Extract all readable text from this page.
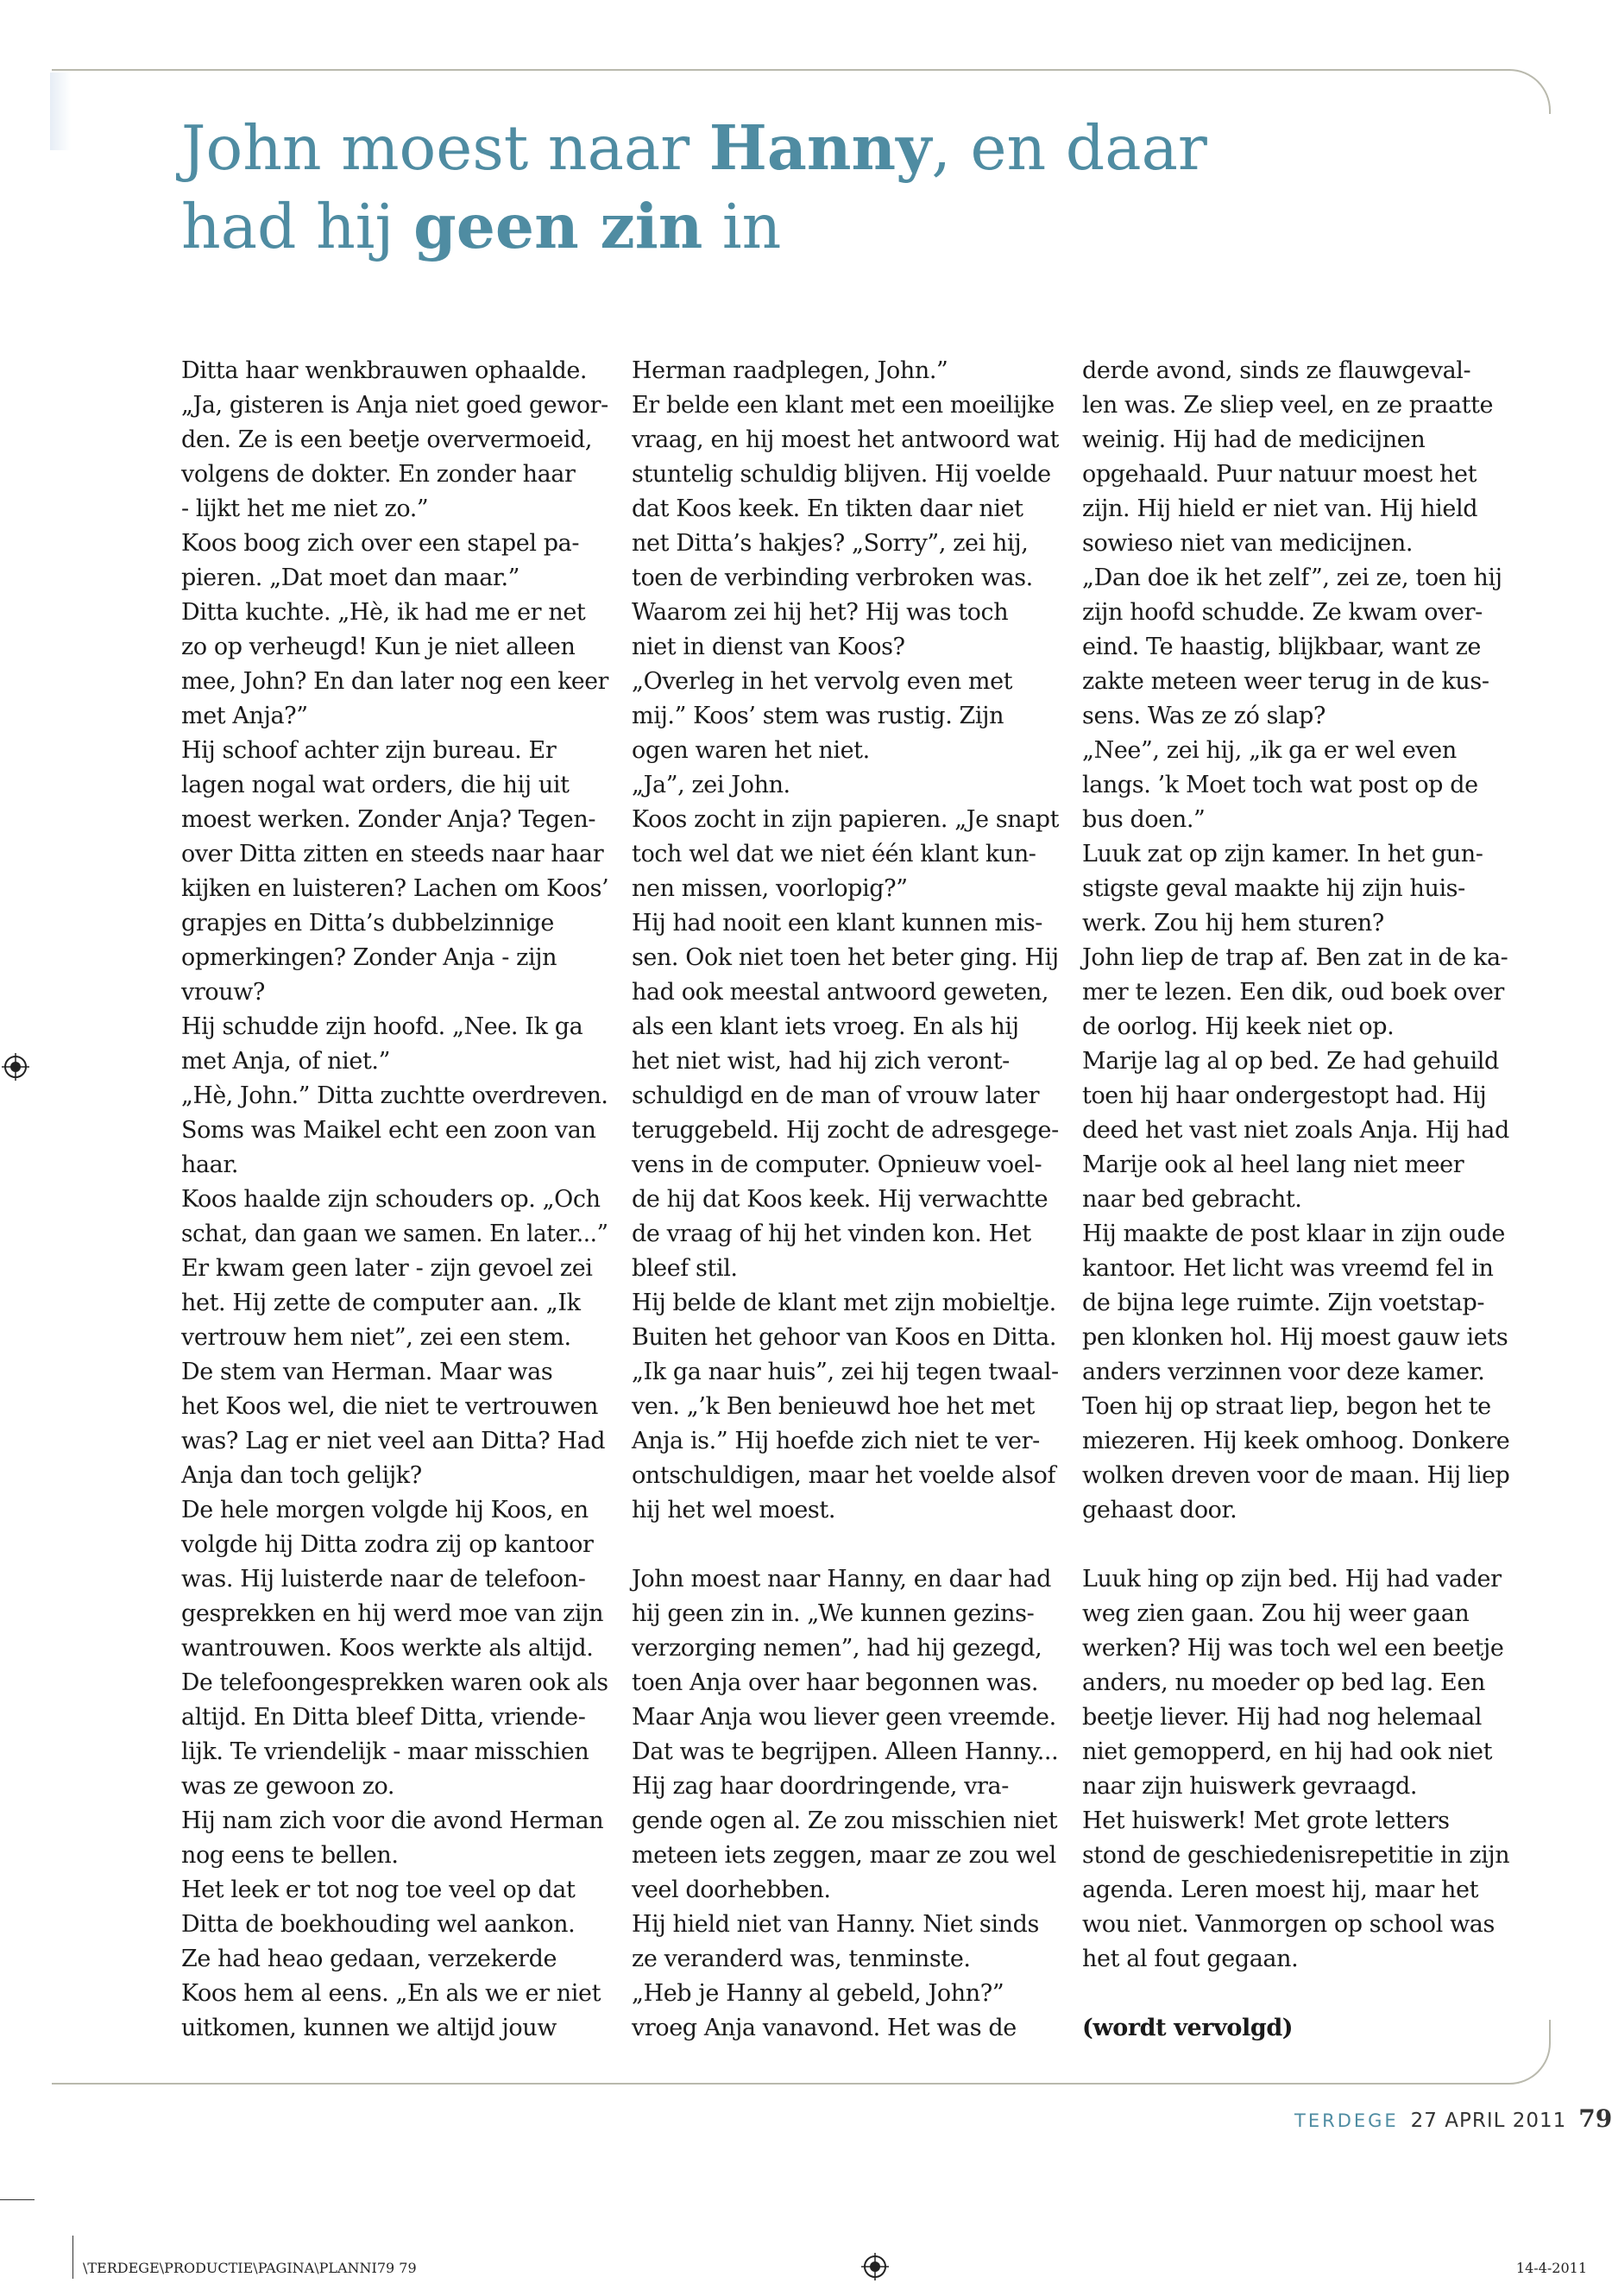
John moest naar Hanny, en daar
had hij geen zin in
Ditta haar wenkbrauwen ophaalde.
„Ja, gisteren is Anja niet goed gewor-
den. Ze is een beetje oververmoeid,
volgens de dokter. En zonder haar
- lijkt het me niet zo.”
Koos boog zich over een stapel pa-
pieren. „Dat moet dan maar.”
Ditta kuchte. „Hè, ik had me er net
zo op verheugd! Kun je niet alleen
mee, John? En dan later nog een keer
met Anja?”
Hij schoof achter zijn bureau. Er
lagen nogal wat orders, die hij uit
moest werken. Zonder Anja? Tegen-
over Ditta zitten en steeds naar haar
kijken en luisteren? Lachen om Koos’
grapjes en Ditta’s dubbelzinnige
opmerkingen? Zonder Anja - zijn
vrouw?
Hij schudde zijn hoofd. „Nee. Ik ga
met Anja, of niet.”
„Hè, John.” Ditta zuchtte overdreven.
Soms was Maikel echt een zoon van
haar.
Koos haalde zijn schouders op. „Och
schat, dan gaan we samen. En later...”
Er kwam geen later - zijn gevoel zei
het. Hij zette de computer aan. „Ik
vertrouw hem niet”, zei een stem.
De stem van Herman. Maar was
het Koos wel, die niet te vertrouwen
was? Lag er niet veel aan Ditta? Had
Anja dan toch gelijk?
De hele morgen volgde hij Koos, en
volgde hij Ditta zodra zij op kantoor
was. Hij luisterde naar de telefoon-
gesprekken en hij werd moe van zijn
wantrouwen. Koos werkte als altijd.
De telefoongesprekken waren ook als
altijd. En Ditta bleef Ditta, vriende-
lijk. Te vriendelijk - maar misschien
was ze gewoon zo.
Hij nam zich voor die avond Herman
nog eens te bellen.
Het leek er tot nog toe veel op dat
Ditta de boekhouding wel aankon.
Ze had heao gedaan, verzekerde
Koos hem al eens. „En als we er niet
uitkomen, kunnen we altijd jouw
Herman raadplegen, John.”
Er belde een klant met een moeilijke
vraag, en hij moest het antwoord wat
stuntelig schuldig blijven. Hij voelde
dat Koos keek. En tikten daar niet
net Ditta’s hakjes? „Sorry”, zei hij,
toen de verbinding verbroken was.
Waarom zei hij het? Hij was toch
niet in dienst van Koos?
„Overleg in het vervolg even met
mij.” Koos’ stem was rustig. Zijn
ogen waren het niet.
„Ja”, zei John.
Koos zocht in zijn papieren. „Je snapt
toch wel dat we niet één klant kun-
nen missen, voorlopig?”
Hij had nooit een klant kunnen mis-
sen. Ook niet toen het beter ging. Hij
had ook meestal antwoord geweten,
als een klant iets vroeg. En als hij
het niet wist, had hij zich veront-
schuldigd en de man of vrouw later
teruggebeld. Hij zocht de adresgege-
vens in de computer. Opnieuw voel-
de hij dat Koos keek. Hij verwachtte
de vraag of hij het vinden kon. Het
bleef stil.
Hij belde de klant met zijn mobieltje.
Buiten het gehoor van Koos en Ditta.
„Ik ga naar huis”, zei hij tegen twaal-
ven. „’k Ben benieuwd hoe het met
Anja is.” Hij hoefde zich niet te ver-
ontschuldigen, maar het voelde alsof
hij het wel moest.
John moest naar Hanny, en daar had
hij geen zin in. „We kunnen gezins-
verzorging nemen”, had hij gezegd,
toen Anja over haar begonnen was.
Maar Anja wou liever geen vreemde.
Dat was te begrijpen. Alleen Hanny...
Hij zag haar doordringende, vra-
gende ogen al. Ze zou misschien niet
meteen iets zeggen, maar ze zou wel
veel doorhebben.
Hij hield niet van Hanny. Niet sinds
ze veranderd was, tenminste.
„Heb je Hanny al gebeld, John?”
vroeg Anja vanavond. Het was de
derde avond, sinds ze flauwgeval-
len was. Ze sliep veel, en ze praatte
weinig. Hij had de medicijnen
opgehaald. Puur natuur moest het
zijn. Hij hield er niet van. Hij hield
sowieso niet van medicijnen.
„Dan doe ik het zelf”, zei ze, toen hij
zijn hoofd schudde. Ze kwam over-
eind. Te haastig, blijkbaar, want ze
zakte meteen weer terug in de kus-
sens. Was ze zó slap?
„Nee”, zei hij, „ik ga er wel even
langs. ’k Moet toch wat post op de
bus doen.”
Luuk zat op zijn kamer. In het gun-
stigste geval maakte hij zijn huis-
werk. Zou hij hem sturen?
John liep de trap af. Ben zat in de ka-
mer te lezen. Een dik, oud boek over
de oorlog. Hij keek niet op.
Marije lag al op bed. Ze had gehuild
toen hij haar ondergestopt had. Hij
deed het vast niet zoals Anja. Hij had
Marije ook al heel lang niet meer
naar bed gebracht.
Hij maakte de post klaar in zijn oude
kantoor. Het licht was vreemd fel in
de bijna lege ruimte. Zijn voetstap-
pen klonken hol. Hij moest gauw iets
anders verzinnen voor deze kamer.
Toen hij op straat liep, begon het te
miezeren. Hij keek omhoog. Donkere
wolken dreven voor de maan. Hij liep
gehaast door.
Luuk hing op zijn bed. Hij had vader
weg zien gaan. Zou hij weer gaan
werken? Hij was toch wel een beetje
anders, nu moeder op bed lag. Een
beetje liever. Hij had nog helemaal
niet gemopperd, en hij had ook niet
naar zijn huiswerk gevraagd.
Het huiswerk! Met grote letters
stond de geschiedenisrepetitie in zijn
agenda. Leren moest hij, maar het
wou niet. Vanmorgen op school was
het al fout gegaan.
(wordt vervolgd)
TERDEGE 27 APRIL 2011 79
\TERDEGE\PRODUCTIE\PAGINA\PLANNI79 79	14-4-2011
